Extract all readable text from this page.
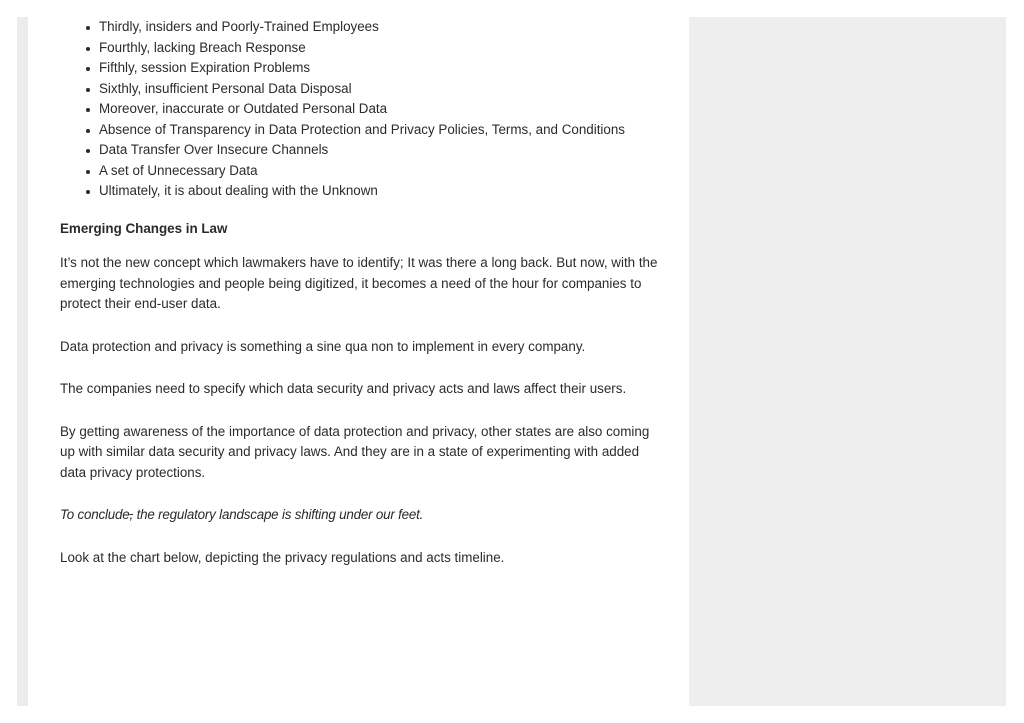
Thirdly, insiders and Poorly-Trained Employees
Fourthly, lacking Breach Response
Fifthly, session Expiration Problems
Sixthly, insufficient Personal Data Disposal
Moreover, inaccurate or Outdated Personal Data
Absence of Transparency in Data Protection and Privacy Policies, Terms, and Conditions
Data Transfer Over Insecure Channels
A set of Unnecessary Data
Ultimately, it is about dealing with the Unknown
Emerging Changes in Law

It’s not the new concept which lawmakers have to identify; It was there a long back. But now, with the emerging technologies and people being digitized, it becomes a need of the hour for companies to protect their end-user data.

Data protection and privacy is something a sine qua non to implement in every company.

The companies need to specify which data security and privacy acts and laws affect their users.

By getting awareness of the importance of data protection and privacy, other states are also coming up with similar data security and privacy laws. And they are in a state of experimenting with added data privacy protections.

To conclude, the regulatory landscape is shifting under our feet.

Look at the chart below, depicting the privacy regulations and acts timeline.
